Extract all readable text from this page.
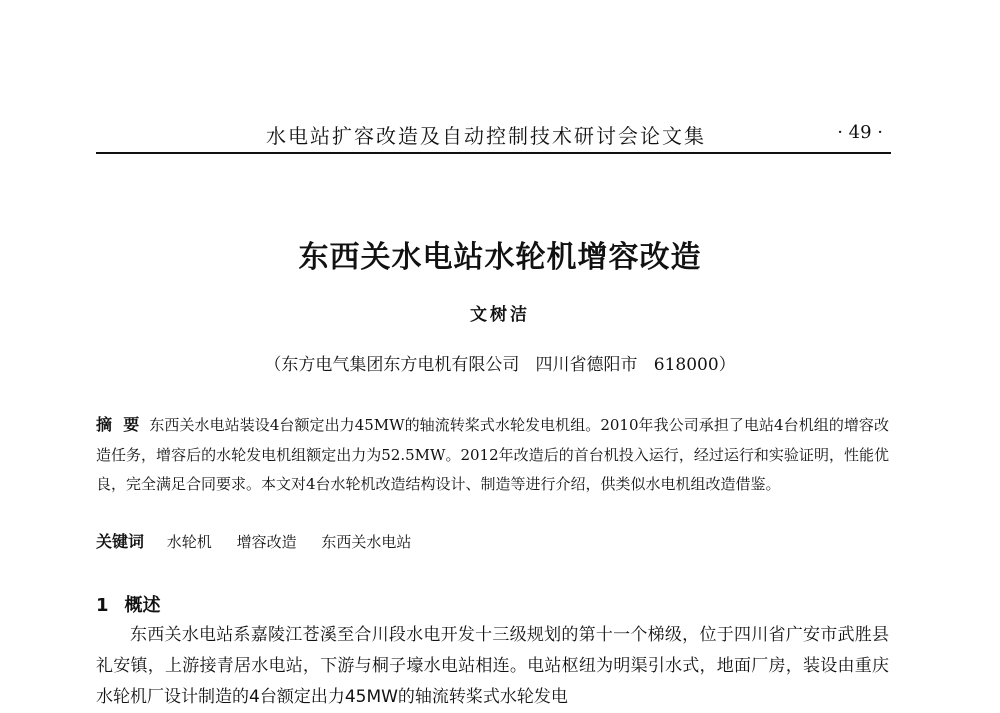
水电站扩容改造及自动控制技术研讨会论文集	· 49 ·
东西关水电站水轮机增容改造
文树洁
（东方电气集团东方电机有限公司   四川省德阳市   618000）
摘  要 东西关水电站装设4台额定出力45MW的轴流转桨式水轮发电机组。2010年我公司承担了电站4台机组的增容改造任务，增容后的水轮发电机组额定出力为52.5MW。2012年改造后的首台机投入运行，经过运行和实验证明，性能优良，完全满足合同要求。本文对4台水轮机改造结构设计、制造等进行介绍，供类似水电机组改造借鉴。
关键词 水轮机 增容改造 东西关水电站
1 概述
东西关水电站系嘉陵江苍溪至合川段水电开发十三级规划的第十一个梯级，位于四川省广安市武胜县礼安镇，上游接青居水电站，下游与桐子壕水电站相连。电站枢纽为明渠引水式，地面厂房，装设由重庆水轮机厂设计制造的4台额定出力45MW的轴流转桨式水轮发电
